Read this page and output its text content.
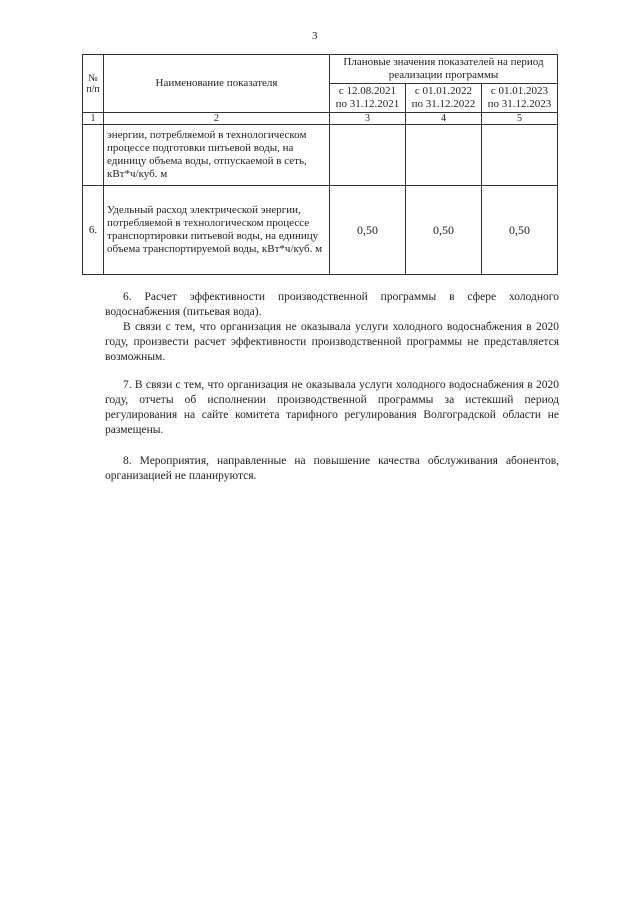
3
№ п/п	Наименование показателя	Плановые значения показателей на период реализации программы		
		с 12.08.2021 по 31.12.2021	с 01.01.2022 по 31.12.2022	с 01.01.2023 по 31.12.2023
1	2	3	4	5
	энергии, потребляемой в технологическом процессе подготовки питьевой воды, на единицу объема воды, отпускаемой в сеть, кВт*ч/куб. м			
6.	Удельный расход электрической энергии, потребляемой в технологическом процессе транспортировки питьевой воды, на единицу объема транспортируемой воды, кВт*ч/куб. м	0,50	0,50	0,50

6. Расчет эффективности производственной программы в сфере холодного водоснабжения (питьевая вода).

В связи с тем, что организация не оказывала услуги холодного водоснабжения в 2020 году, произвести расчет эффективности производственной программы не представляется возможным.

7. В связи с тем, что организация не оказывала услуги холодного водоснабжения в 2020 году, отчеты об исполнении производственной программы за истекший период регулирования на сайте комитета тарифного регулирования Волгоградской области не размещены.

8. Мероприятия, направленные на повышение качества обслуживания абонентов, организацией не планируются.
